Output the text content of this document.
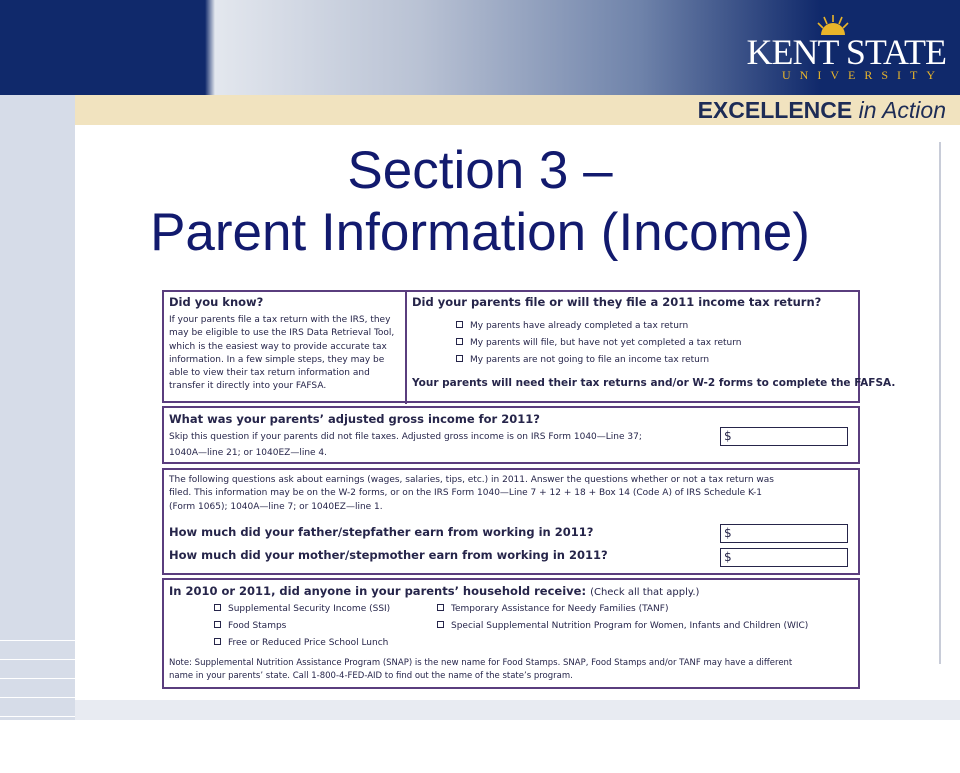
KENT STATE
UNIVERSITY
EXCELLENCE in Action
Section 3 –
Parent Information (Income)
Did you know?
If your parents file a tax return with the IRS, they
may be eligible to use the IRS Data Retrieval Tool,
which is the easiest way to provide accurate tax
information. In a few simple steps, they may be
able to view their tax return information and
transfer it directly into your FAFSA.
Did your parents file or will they file a 2011 income tax return?
My parents have already completed a tax return
My parents will file, but have not yet completed a tax return
My parents are not going to file an income tax return
Your parents will need their tax returns and/or W-2 forms to complete the FAFSA.
What was your parents’ adjusted gross income for 2011?
Skip this question if your parents did not file taxes. Adjusted gross income is on IRS Form 1040—Line 37;
1040A—line 21; or 1040EZ—line 4.
$
The following questions ask about earnings (wages, salaries, tips, etc.) in 2011. Answer the questions whether or not a tax return was
filed. This information may be on the W-2 forms, or on the IRS Form 1040—Line 7 + 12 + 18 + Box 14 (Code A) of IRS Schedule K-1
(Form 1065); 1040A—line 7; or 1040EZ—line 1.
How much did your father/stepfather earn from working in 2011?	$
How much did your mother/stepmother earn from working in 2011?	$
In 2010 or 2011, did anyone in your parents’ household receive: (Check all that apply.)
Supplemental Security Income (SSI)
Food Stamps
Free or Reduced Price School Lunch
Temporary Assistance for Needy Families (TANF)
Special Supplemental Nutrition Program for Women, Infants and Children (WIC)
Note: Supplemental Nutrition Assistance Program (SNAP) is the new name for Food Stamps. SNAP, Food Stamps and/or TANF may have a different
name in your parents’ state. Call 1-800-4-FED-AID to find out the name of the state’s program.
